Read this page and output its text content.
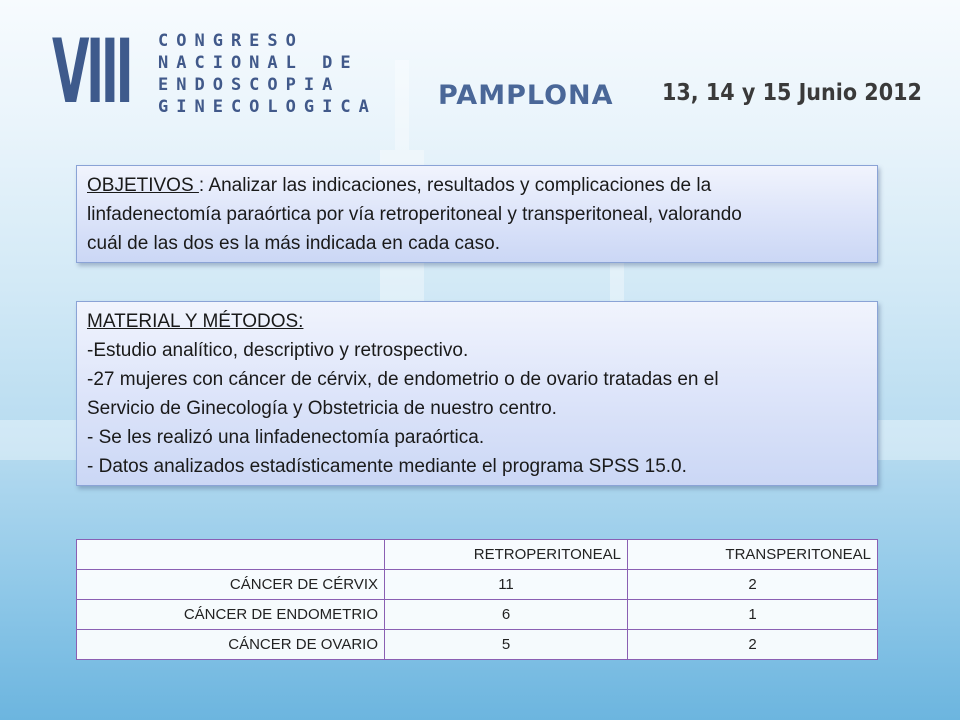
VIII CONGRESO
NACIONAL DE
ENDOSCOPIA
GINECOLOGICA PAMPLONA 13, 14 y 15 Junio 2012
OBJETIVOS : Analizar las indicaciones, resultados y complicaciones de la
linfadenectomía paraórtica por vía retroperitoneal y transperitoneal, valorando
cuál de las dos es la más indicada en cada caso.
MATERIAL Y MÉTODOS:
-Estudio analítico, descriptivo y retrospectivo.
-27 mujeres con cáncer de cérvix, de endometrio o de ovario tratadas en el
Servicio de Ginecología y Obstetricia de nuestro centro.
- Se les realizó una linfadenectomía paraórtica.
- Datos analizados estadísticamente mediante el programa SPSS 15.0.
	RETROPERITONEAL	TRANSPERITONEAL
CÁNCER DE CÉRVIX	11	2
CÁNCER DE ENDOMETRIO	6	1
CÁNCER DE OVARIO	5	2
